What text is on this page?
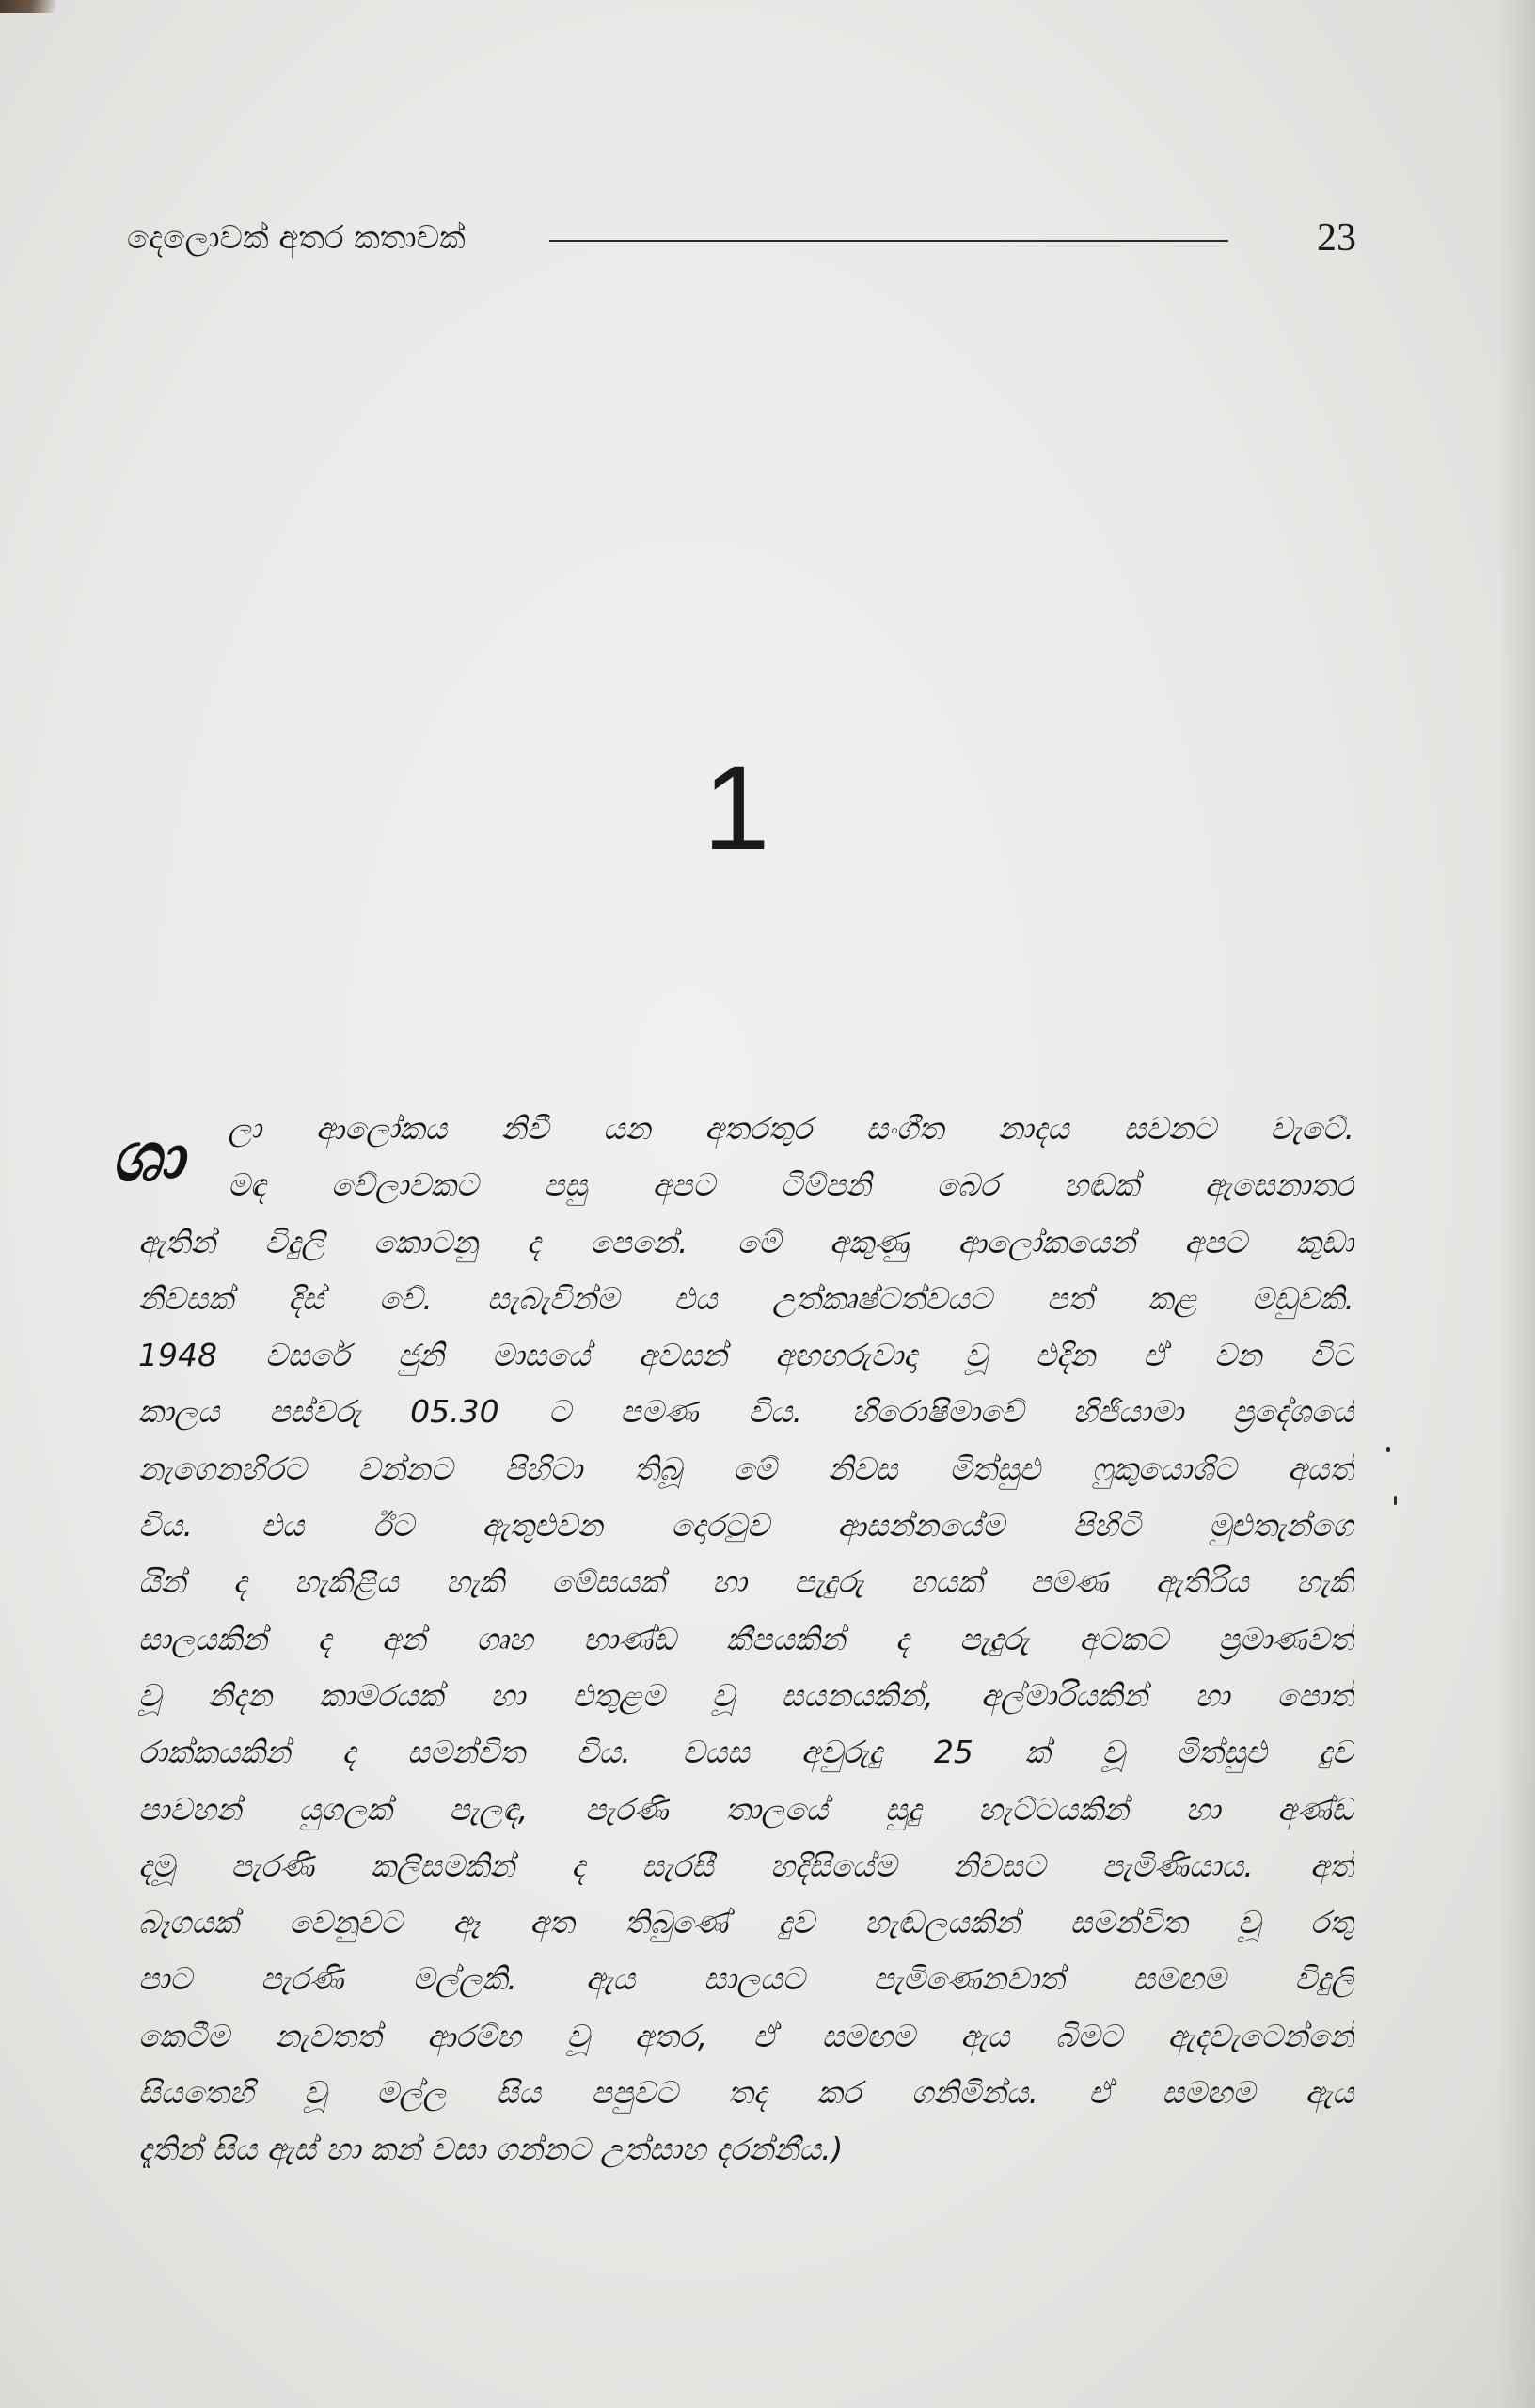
දෙලොවක් අතර කතාවක්	23
1
ශා	ලා ආලෝකය නිවී යන අතරතුර සංගීත නාදය සවනට වැටේ.
මඳ වේලාවකට පසු අපට ටිම්පනි බෙර හඬක් ඇසෙනාතර
ඇතින් විදුලි කොටනු ද පෙනේ. මේ අකුණු ආලෝකයෙන් අපට කුඩා
නිවසක් දිස් වේ. සැබැවින්ම එය උත්කෘෂ්ටත්වයට පත් කළ මඩුවකි.
1948 වසරේ ජුනි මාසයේ අවසන් අඟහරුවාදා වූ එදින ඒ වන විට
කාලය පස්වරු 05.30 ට පමණ විය. හිරොෂිමාවේ හිජියාමා ප්‍රදේශයේ
නැගෙනහිරට වන්නට පිහිටා තිබූ මේ නිවස මිත්සුඑ ෆුකුයොශිට අයත්
විය. එය ඊට ඇතුළුවන දොරටුව ආසන්නයේම පිහිටි මුළුතැන්ගෙ
යින් ද හැකිළිය හැකි මේසයක් හා පැදුරු හයක් පමණ ඇතිරිය හැකි
සාලයකින් ද අන් ගෘහ භාණ්ඩ කීපයකින් ද පැදුරු අටකට ප්‍රමාණවත්
වූ නිදන කාමරයක් හා එතුළම වූ සයනයකින්, අල්මාරියකින් හා පොත්
රාක්කයකින් ද සමන්විත විය. වයස අවුරුදු 25 ක් වූ මිත්සුඑ දුව
පාවහන් යුගලක් පැලඳ, පැරණි තාලයේ සුදු හැට්ටයකින් හා අණ්ඩ
දමූ පැරණි කලිසමකින් ද සැරසී හදිසියේම නිවසට පැමිණියාය. අත්
බෑගයක් වෙනුවට ඈ අත තිබුණේ දුව හැඬලයකින් සමන්විත වූ රතු
පාට පැරණි මල්ලකි. ඇය සාලයට පැමිණෙනවාත් සමඟම විදුලි
කෙටීම නැවතත් ආරම්භ වූ අතර, ඒ සමඟම ඇය බිමට ඇදවැටෙන්නේ
සියතෙහි වූ මල්ල සිය පපුවට තද කර ගනිමින්ය. ඒ සමඟම ඇය
දෑතින් සිය ඇස් හා කන් වසා ගන්නට උත්සාහ දරන්නීය.)
